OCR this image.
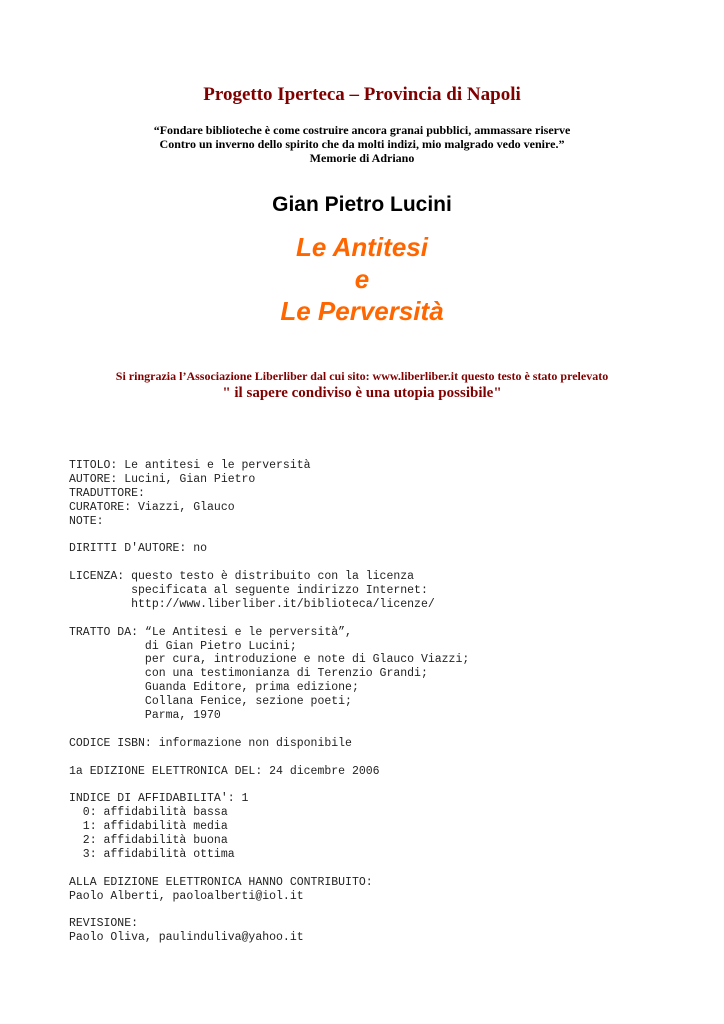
Progetto Iperteca – Provincia di Napoli
“Fondare biblioteche è come costruire ancora granai pubblici, ammassare riserve
Contro un inverno dello spirito che da molti indizi, mio malgrado vedo venire.”
Memorie di Adriano
Gian Pietro Lucini
Le Antitesi
e
Le Perversità
Si ringrazia l’Associazione Liberliber dal cui sito: www.liberliber.it questo testo è stato prelevato
" il sapere condiviso è una utopia possibile"
TITOLO: Le antitesi e le perversità
AUTORE: Lucini, Gian Pietro
TRADUTTORE:
CURATORE: Viazzi, Glauco
NOTE:
DIRITTI D'AUTORE: no
LICENZA: questo testo è distribuito con la licenza
specificata al seguente indirizzo Internet:
http://www.liberliber.it/biblioteca/licenze/
TRATTO DA: “Le Antitesi e le perversità”,
di Gian Pietro Lucini;
per cura, introduzione e note di Glauco Viazzi;
con una testimonianza di Terenzio Grandi;
Guanda Editore, prima edizione;
Collana Fenice, sezione poeti;
Parma, 1970
CODICE ISBN: informazione non disponibile
1a EDIZIONE ELETTRONICA DEL: 24 dicembre 2006
INDICE DI AFFIDABILITA': 1
0: affidabilità bassa
1: affidabilità media
2: affidabilità buona
3: affidabilità ottima
ALLA EDIZIONE ELETTRONICA HANNO CONTRIBUITO:
Paolo Alberti, paoloalberti@iol.it
REVISIONE:
Paolo Oliva, paulinduliva@yahoo.it
